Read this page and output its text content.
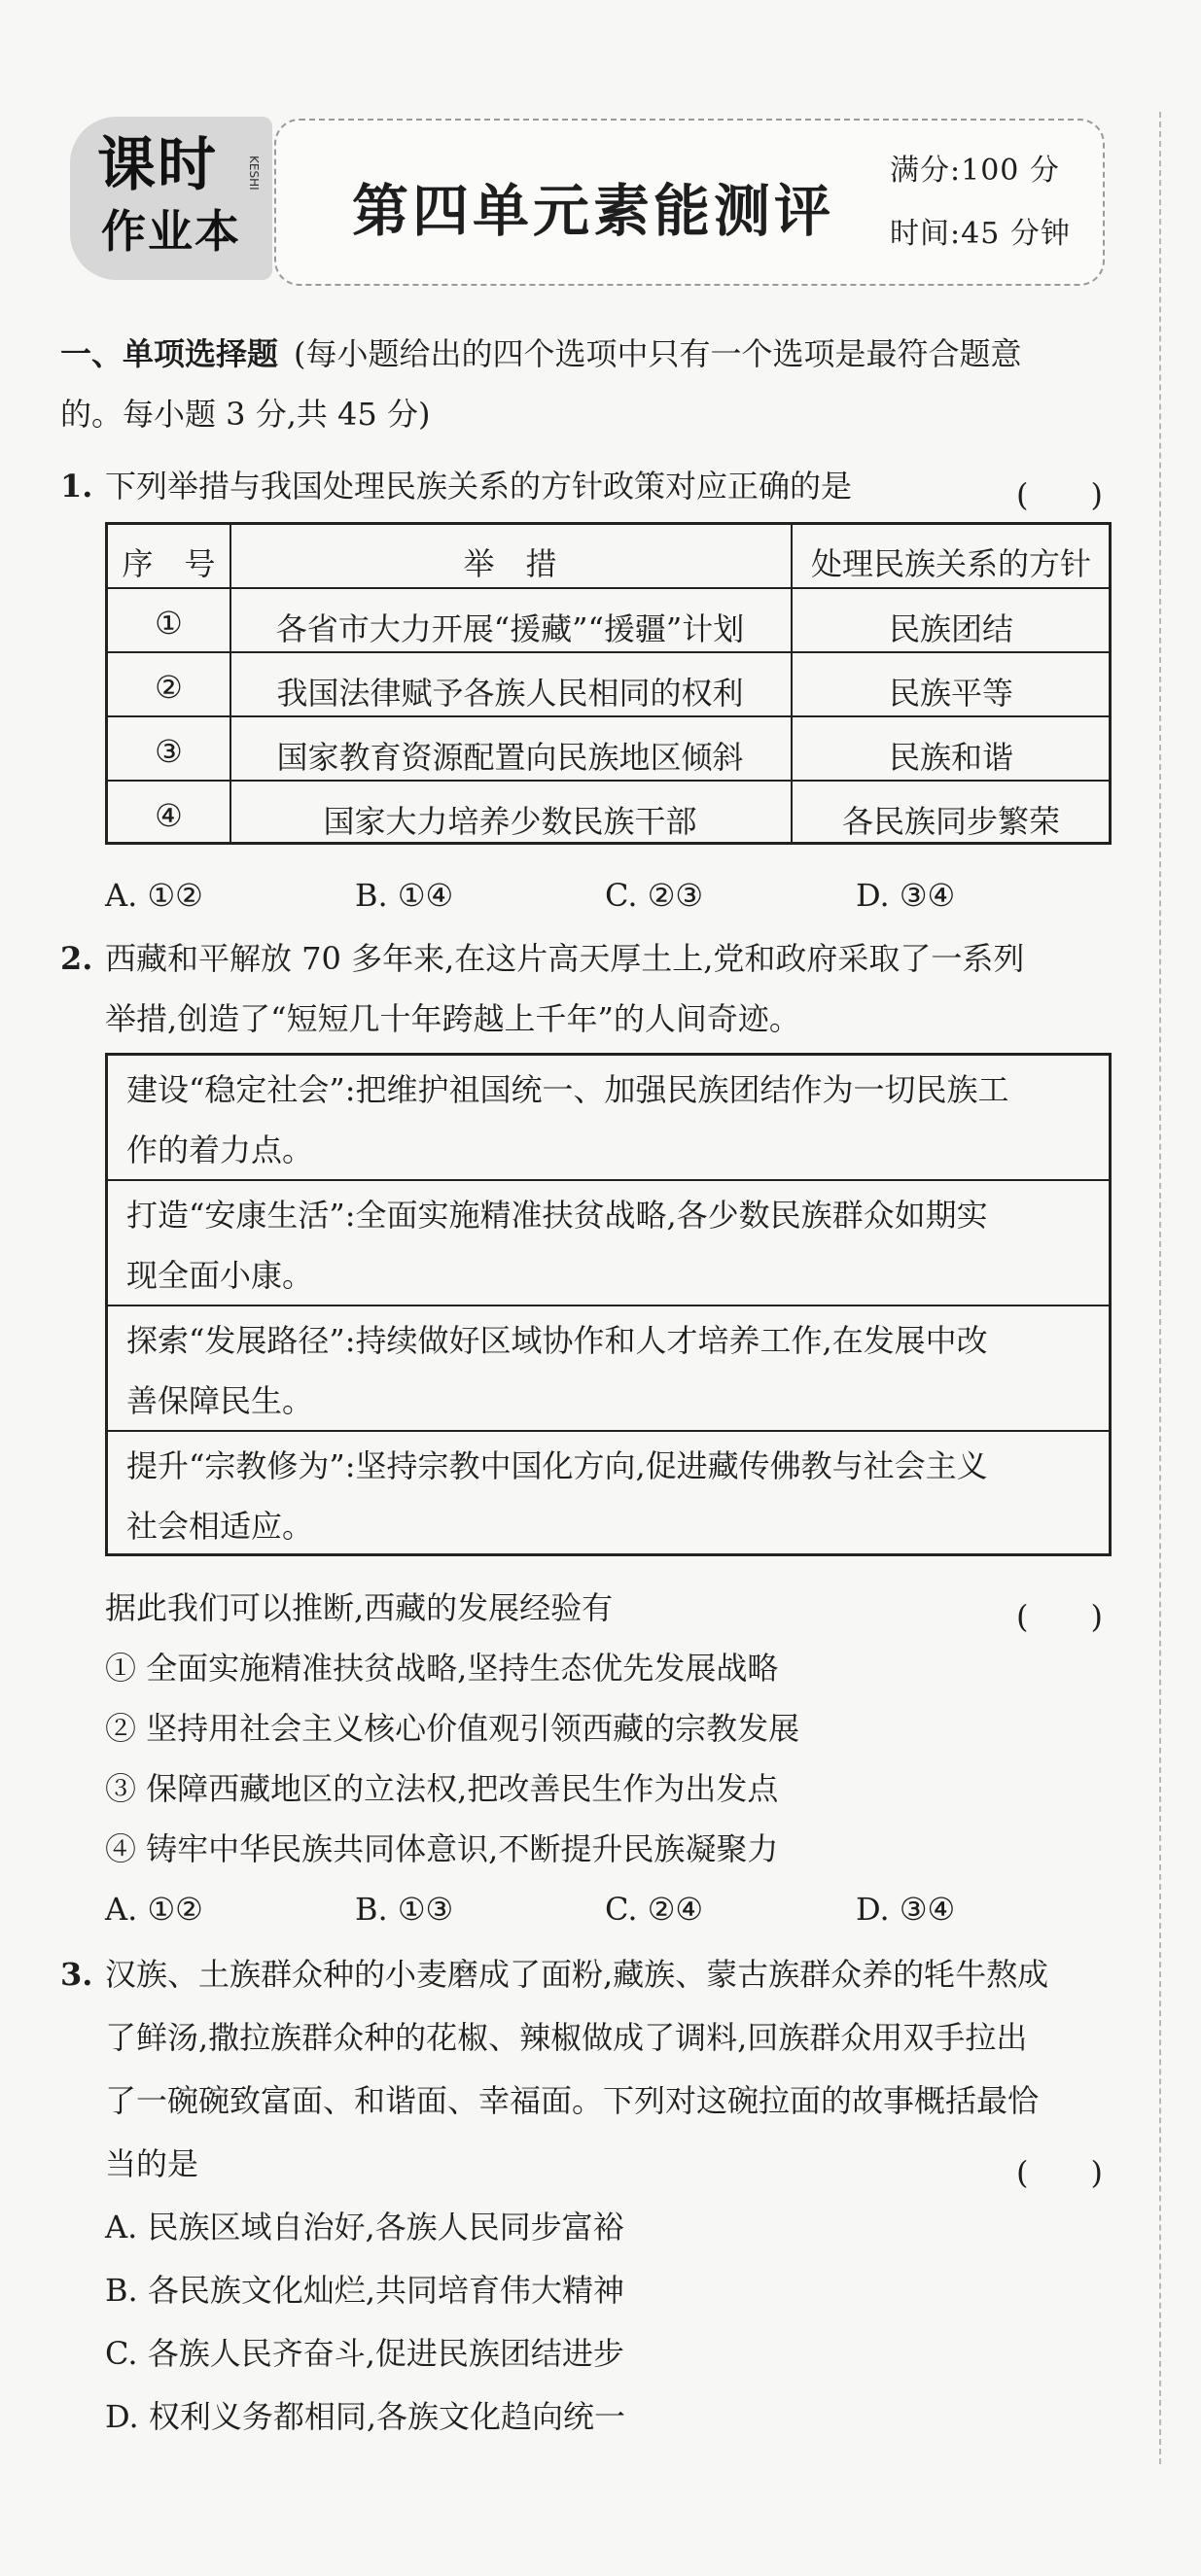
课时
作业本
KESHI
第四单元素能测评
满分:100 分
时间:45 分钟
一、单项选择题 (每小题给出的四个选项中只有一个选项是最符合题意
的。每小题 3 分,共 45 分)
1. 下列举措与我国处理民族关系的方针政策对应正确的是	(　　)
序　号	举　措	处理民族关系的方针
①	各省市大力开展“援藏”“援疆”计划	民族团结
②	我国法律赋予各族人民相同的权利	民族平等
③	国家教育资源配置向民族地区倾斜	民族和谐
④	国家大力培养少数民族干部	各民族同步繁荣
A. ①②	B. ①④	C. ②③	D. ③④
2. 西藏和平解放 70 多年来,在这片高天厚土上,党和政府采取了一系列
举措,创造了“短短几十年跨越上千年”的人间奇迹。
建设“稳定社会”:把维护祖国统一、加强民族团结作为一切民族工
作的着力点。
打造“安康生活”:全面实施精准扶贫战略,各少数民族群众如期实
现全面小康。
探索“发展路径”:持续做好区域协作和人才培养工作,在发展中改
善保障民生。
提升“宗教修为”:坚持宗教中国化方向,促进藏传佛教与社会主义
社会相适应。
据此我们可以推断,西藏的发展经验有	(　　)
① 全面实施精准扶贫战略,坚持生态优先发展战略
② 坚持用社会主义核心价值观引领西藏的宗教发展
③ 保障西藏地区的立法权,把改善民生作为出发点
④ 铸牢中华民族共同体意识,不断提升民族凝聚力
A. ①②	B. ①③	C. ②④	D. ③④
3. 汉族、土族群众种的小麦磨成了面粉,藏族、蒙古族群众养的牦牛熬成
了鲜汤,撒拉族群众种的花椒、辣椒做成了调料,回族群众用双手拉出
了一碗碗致富面、和谐面、幸福面。下列对这碗拉面的故事概括最恰
当的是	(　　)
A. 民族区域自治好,各族人民同步富裕
B. 各民族文化灿烂,共同培育伟大精神
C. 各族人民齐奋斗,促进民族团结进步
D. 权利义务都相同,各族文化趋向统一
